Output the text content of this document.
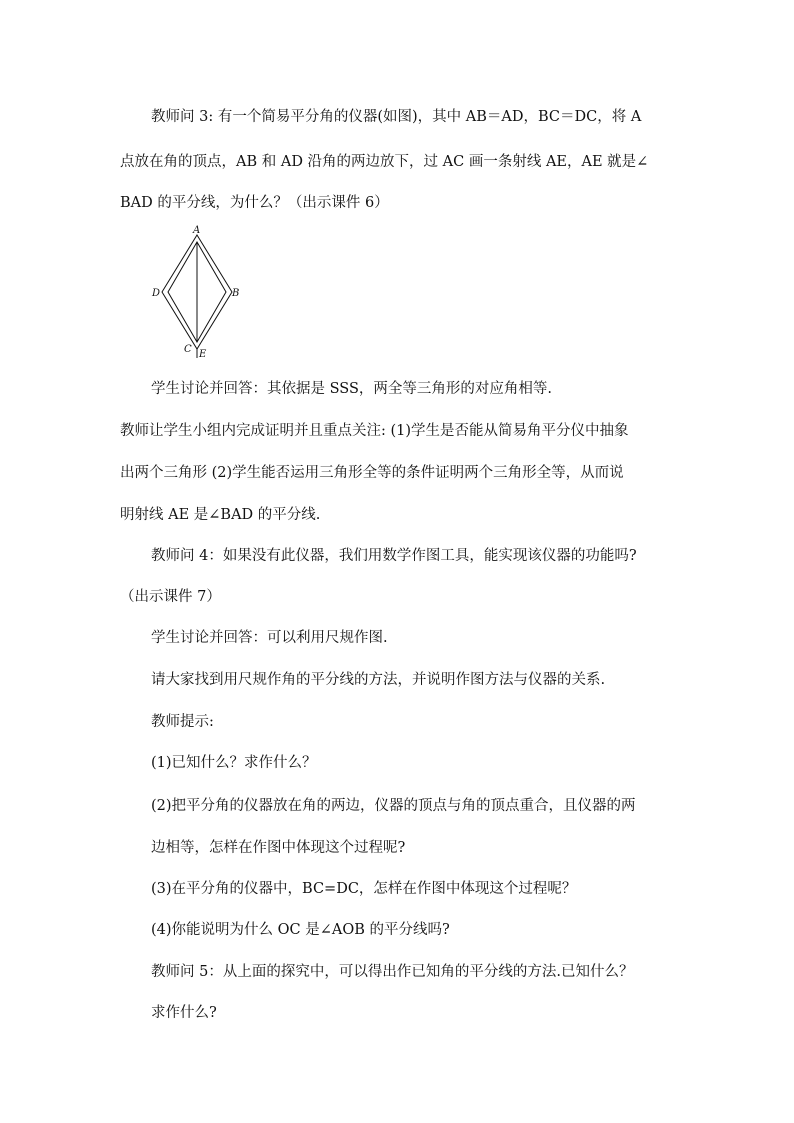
教师问 3: 有一个简易平分角的仪器(如图)，其中 AB＝AD，BC＝DC，将 A
点放在角的顶点，AB 和 AD 沿角的两边放下，过 AC 画一条射线 AE，AE 就是∠
BAD 的平分线，为什么？（出示课件 6）
A
B
C
D
E
学生讨论并回答：其依据是 SSS，两全等三角形的对应角相等.
教师让学生小组内完成证明并且重点关注: (1)学生是否能从简易角平分仪中抽象
出两个三角形 (2)学生能否运用三角形全等的条件证明两个三角形全等，从而说
明射线 AE 是∠BAD 的平分线.
教师问 4：如果没有此仪器，我们用数学作图工具，能实现该仪器的功能吗?
（出示课件 7）
学生讨论并回答：可以利用尺规作图.
请大家找到用尺规作角的平分线的方法，并说明作图方法与仪器的关系.
教师提示:
(1)已知什么？求作什么？
(2)把平分角的仪器放在角的两边，仪器的顶点与角的顶点重合，且仪器的两
边相等，怎样在作图中体现这个过程呢?
(3)在平分角的仪器中，BC=DC，怎样在作图中体现这个过程呢？
(4)你能说明为什么 OC 是∠AOB 的平分线吗?
教师问 5：从上面的探究中，可以得出作已知角的平分线的方法.已知什么？
求作什么?
